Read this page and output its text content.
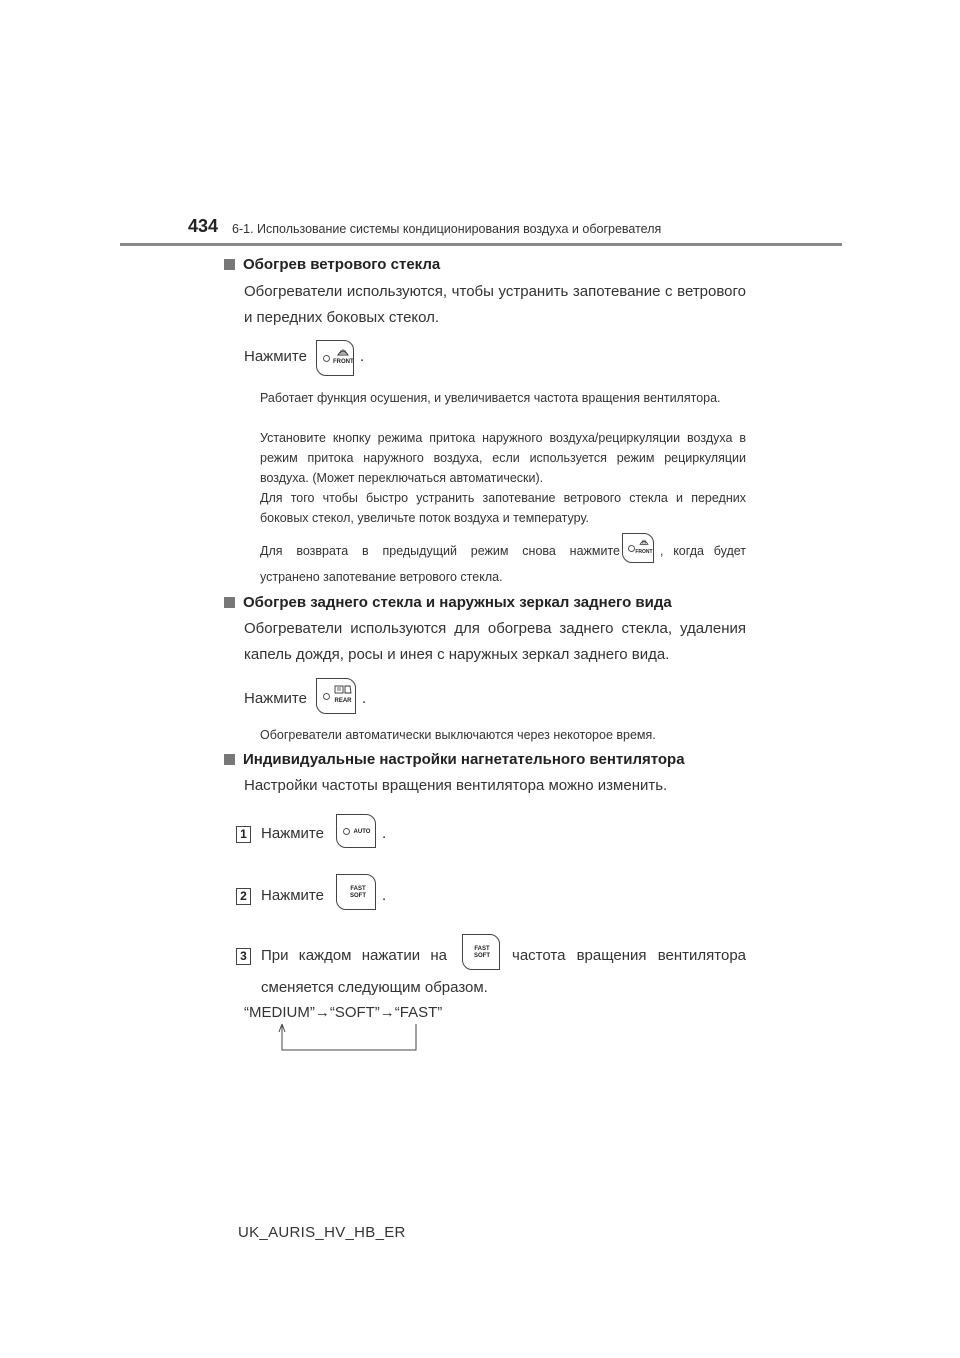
434 6-1. Использование системы кондиционирования воздуха и обогревателя
Обогрев ветрового стекла
Обогреватели используются, чтобы устранить запотевание с ветрового и передних боковых стекол.
Нажмите	FRONT .
Работает функция осушения, и увеличивается частота вращения вентилятора.
Установите кнопку режима притока наружного воздуха/рециркуляции воздуха в режим притока наружного воздуха, если используется режим рециркуляции воздуха. (Может переключаться автоматически).
Для того чтобы быстро устранить запотевание ветрового стекла и передних боковых стекол, увеличьте поток воздуха и температуру.
Для возврата в предыдущий режим снова нажмите	FRONT , когда будет
устранено запотевание ветрового стекла.
Обогрев заднего стекла и наружных зеркал заднего вида
Обогреватели используются для обогрева заднего стекла, удаления капель дождя, росы и инея с наружных зеркал заднего вида.
Нажмите	REAR .
Обогреватели автоматически выключаются через некоторое время.
Индивидуальные настройки нагнетательного вентилятора
Настройки частоты вращения вентилятора можно изменить.
1 Нажмите	AUTO .
2 Нажмите	FAST
SOFT	.
3 При каждом нажатии на	FAST
SOFT	частота вращения вентилятора
сменяется следующим образом.
“MEDIUM”→“SOFT”→“FAST”
UK_AURIS_HV_HB_ER
